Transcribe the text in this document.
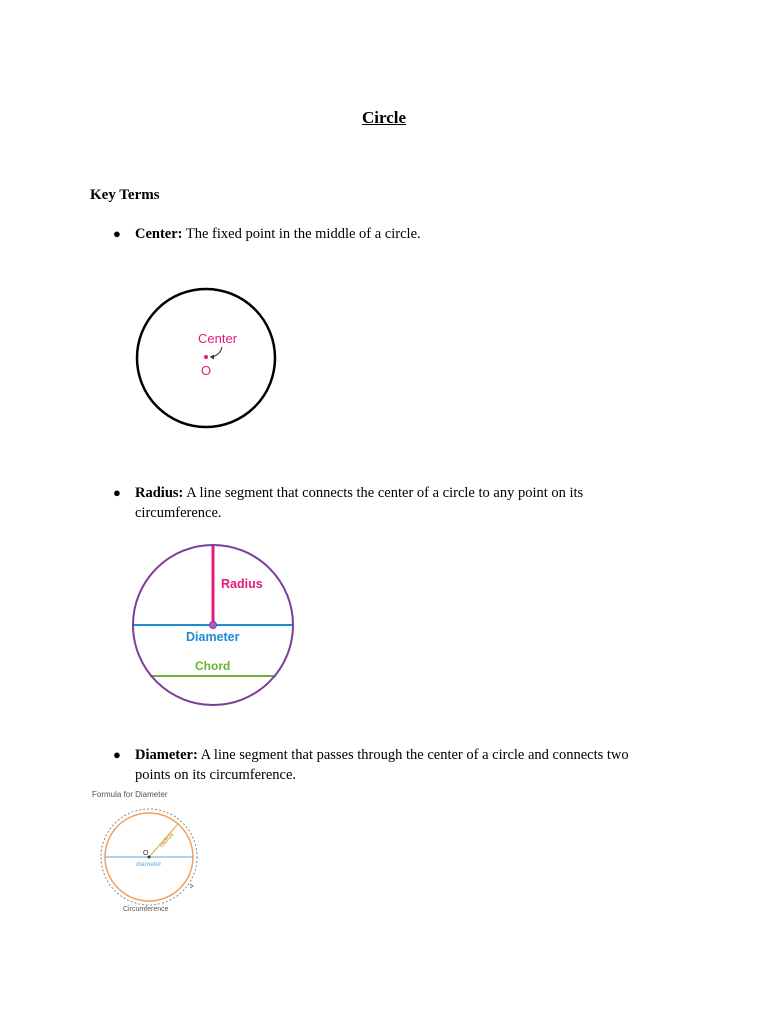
Circle
Key Terms
● Center: The fixed point in the middle of a circle.
Center
O
● Radius: A line segment that connects the center of a circle to any point on its circumference.
Radius
Diameter
Chord
● Diameter: A line segment that passes through the center of a circle and connects two points on its circumference.
Formula for Diameter
radius
O
diameter
Circumference
